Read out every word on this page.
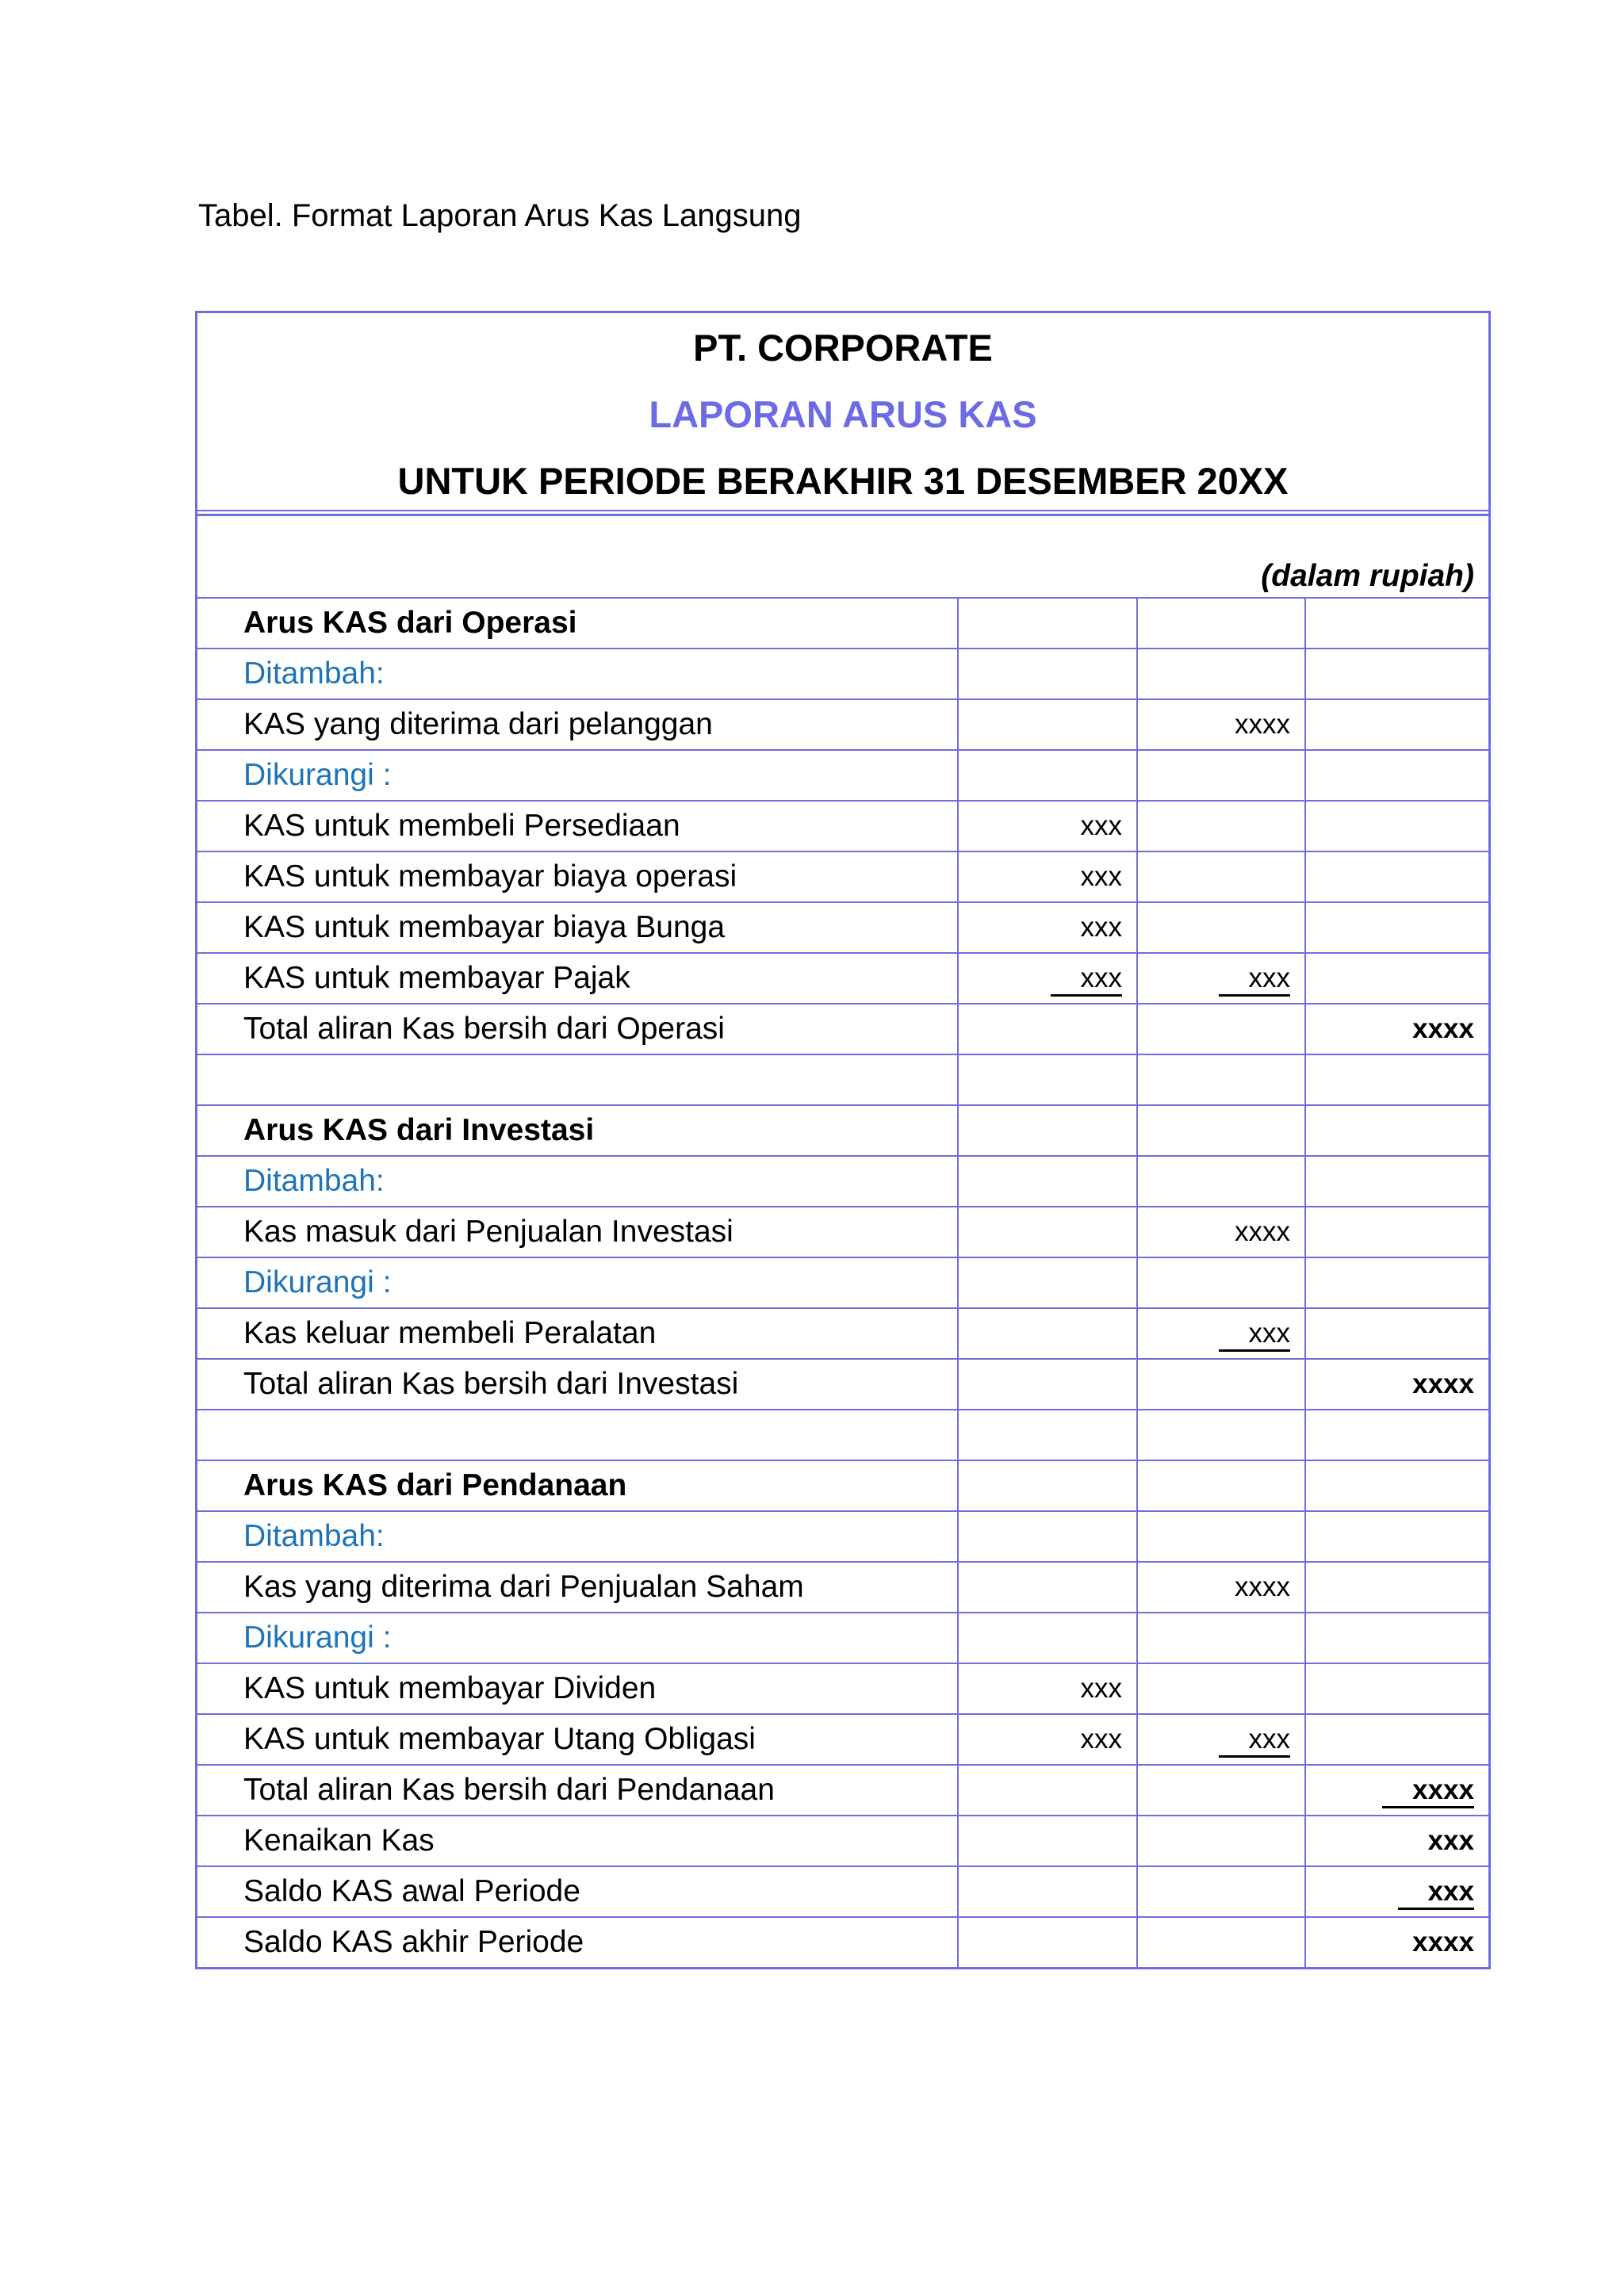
Tabel. Format Laporan Arus Kas Langsung
PT. CORPORATE
LAPORAN ARUS KAS
UNTUK PERIODE BERAKHIR 31 DESEMBER 20XX
(dalam rupiah)
Arus KAS dari Operasi			
Ditambah:			
KAS yang diterima dari pelanggan		xxxx	
Dikurangi :			
KAS untuk membeli Persediaan	xxx		
KAS untuk membayar biaya operasi	xxx		
KAS untuk membayar biaya Bunga	xxx		
KAS untuk membayar Pajak	xxx	xxx	
Total aliran Kas bersih dari Operasi			xxxx

Arus KAS dari Investasi			
Ditambah:			
Kas masuk dari Penjualan Investasi		xxxx	
Dikurangi :			
Kas keluar membeli Peralatan		xxx	
Total aliran Kas bersih dari Investasi			xxxx

Arus KAS dari Pendanaan			
Ditambah:			
Kas yang diterima dari Penjualan Saham		xxxx	
Dikurangi :			
KAS untuk membayar Dividen	xxx		
KAS untuk membayar Utang Obligasi	xxx	xxx	
Total aliran Kas bersih dari Pendanaan			xxxx
Kenaikan Kas			xxx
Saldo KAS awal Periode			xxx
Saldo KAS akhir Periode			xxxx
